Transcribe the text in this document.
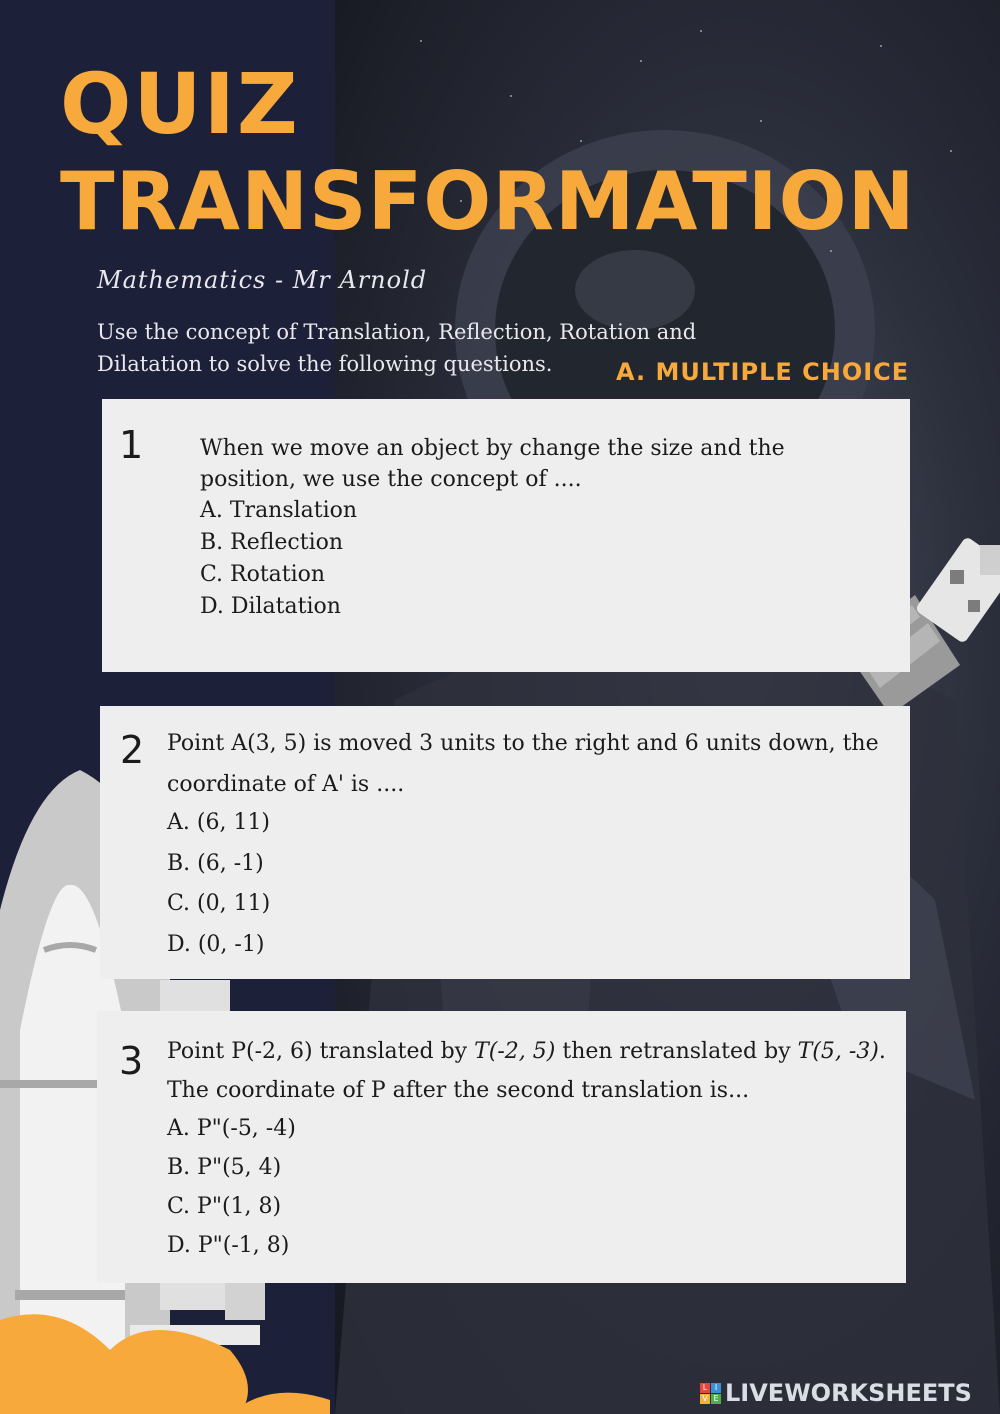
QUIZ
TRANSFORMATION

Mathematics - Mr Arnold

Use the concept of Translation, Reflection, Rotation and Dilatation to solve the following questions.	A. MULTIPLE CHOICE

1	When we move an object by change the size and the position, we use the concept of ....

A. Translation
B. Reflection
C. Rotation
D. Dilatation
2 Point A(3, 5) is moved 3 units to the right and 6 units down, the coordinate of A' is ....

A. (6, 11)
B. (6, -1)
C. (0, 11)
D. (0, -1)
3 Point P(-2, 6) translated by T(-2, 5) then retranslated by T(5, -3). The coordinate of P after the second translation is...

A. P"(-5, -4)
B. P"(5, 4)
C. P"(1, 8)
D. P"(-1, 8)
L I
V E LIVEWORKSHEETS
